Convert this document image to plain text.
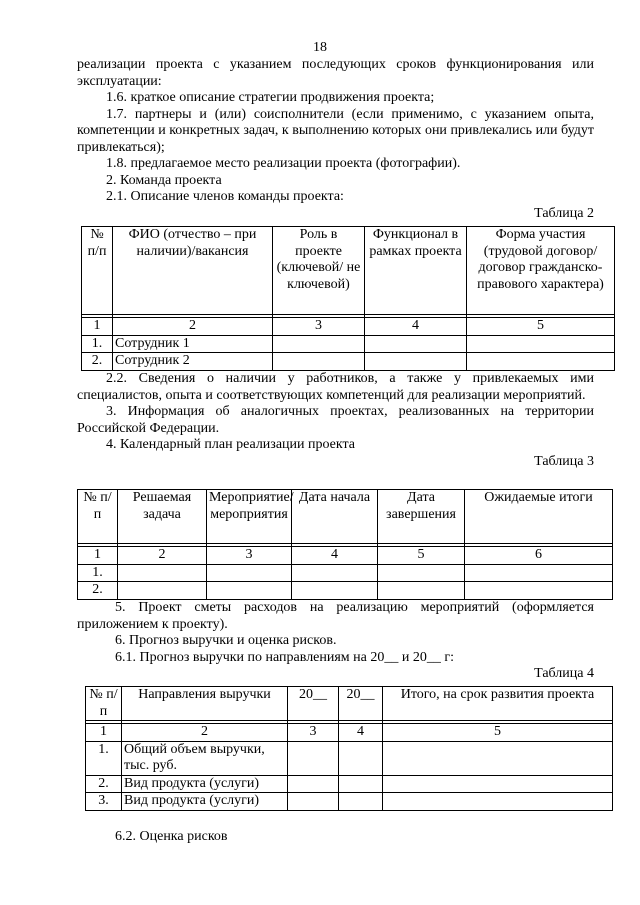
18

реализации проекта с указанием последующих сроков функционирования или эксплуатации:

1.6. краткое описание стратегии продвижения проекта;

1.7. партнеры и (или) соисполнители (если применимо, с указанием опыта, компетенции и конкретных задач, к выполнению которых они привлекались или будут привлекаться);

1.8. предлагаемое место реализации проекта (фотографии).

2. Команда проекта

2.1. Описание членов команды проекта:

Таблица 2

№ п/п	ФИО (отчество – при наличии)/вакансия	Роль в проекте (ключевой/ не ключевой)	Функционал в рамках проекта	Форма участия (трудовой договор/договор гражданско-правового характера)

1	2	3	4	5
1.	Сотрудник 1			
2.	Сотрудник 2			

2.2. Сведения о наличии у работников, а также у привлекаемых ими специалистов, опыта и соответствующих компетенций для реализации мероприятий.

3. Информация об аналогичных проектах, реализованных на территории Российской Федерации.

4. Календарный план реализации проекта

Таблица 3

№ п/п	Решаемая задача	Мероприятие/мероприятия	Дата начала	Дата завершения	Ожидаемые итоги

1	2	3	4	5	6
1.					
2.					

5. Проект сметы расходов на реализацию мероприятий (оформляется приложением к проекту).

6. Прогноз выручки и оценка рисков.

6.1. Прогноз выручки по направлениям на 20__ и 20__ г:

Таблица 4

№ п/п	Направления выручки	20__	20__	Итого, на срок развития проекта

1	2	3	4	5
1.	Общий объем выручки, тыс. руб.			
2.	Вид продукта (услуги)			
3.	Вид продукта (услуги)			

6.2. Оценка рисков
